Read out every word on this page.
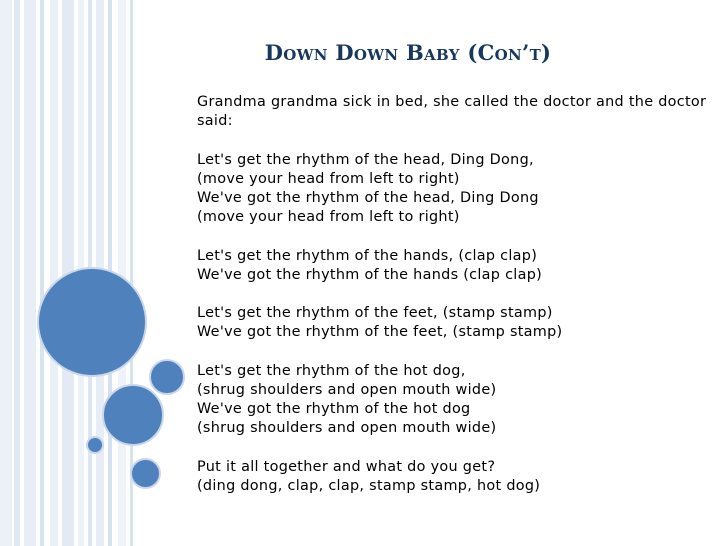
Down Down Baby (Con’t)

Grandma grandma sick in bed, she called the doctor and the doctor said:

Let's get the rhythm of the head, Ding Dong,
(move your head from left to right)
We've got the rhythm of the head, Ding Dong
(move your head from left to right)

Let's get the rhythm of the hands, (clap clap)
We've got the rhythm of the hands (clap clap)

Let's get the rhythm of the feet, (stamp stamp)
We've got the rhythm of the feet, (stamp stamp)

Let's get the rhythm of the hot dog,
(shrug shoulders and open mouth wide)
We've got the rhythm of the hot dog
(shrug shoulders and open mouth wide)

Put it all together and what do you get?
(ding dong, clap, clap, stamp stamp, hot dog)
